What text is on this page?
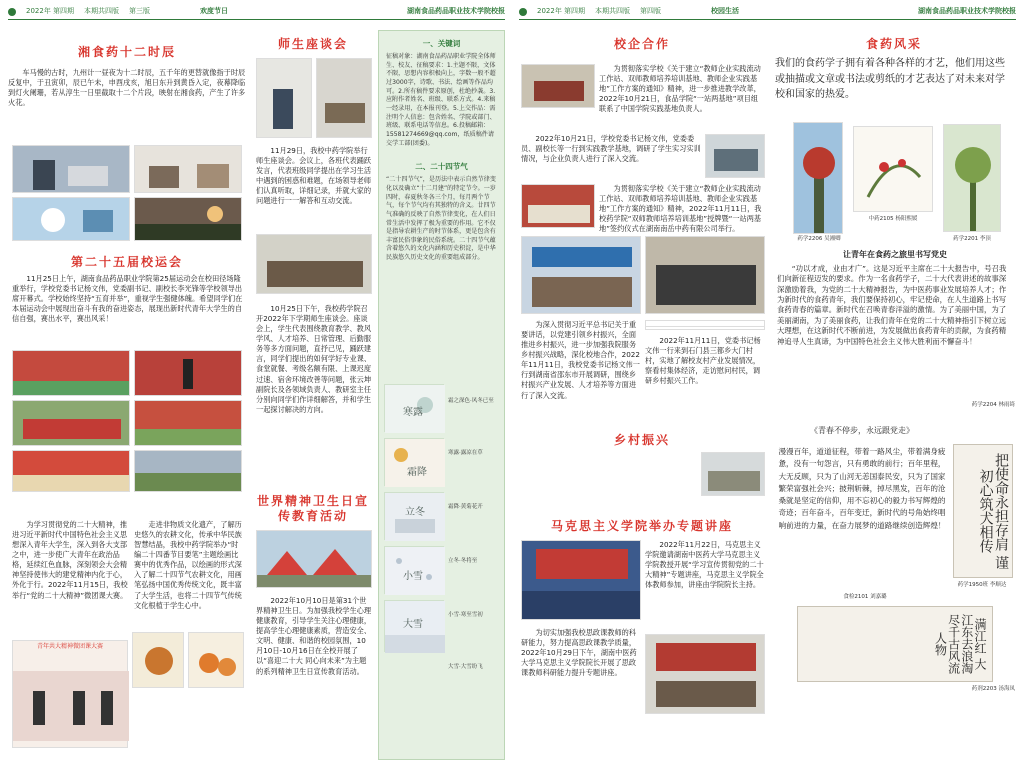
2022年 第四期 本期共四版 第三版	欢度节日	湖南食品药品职业技术学院校报
湘食药十二时辰
车马慢的古时，九州计一昼夜为十二时辰，五千年的更替就像指于时辰反复中，于丑寅卯，辰已午未，申酉戌亥，旭日东升到黄昏入定，夜幕降临到灯火阑珊，若从淳生一日里截取十二个片段，映射在湘食药，产生了许多火花。
第二十五届校运会
11月25日上午，湖南食品药品职业学院第25届运动会在校田径场隆重举行，学校党委书记杨文伟，党委副书记、副校长李光锋等学校领导出席开幕式。学校始终坚持“五育并举”，重视学生强健体魄。希望同学们在本届运动会中展现出奋斗有我的奋进姿态，展现出新时代青年大学生的自信自强，赛出水平，赛出风采！
为学习贯彻党的二十大精神，推进习近平新时代中国特色社会主义思想深入青年大学生，深入到各大支部之中，进一步使广大青年在政治品格，延续红色血脉，深刻领会大会精神坚持使伟大的建党精神内化于心，外化于行。2022年11月15日，我校举行“党的二十大精神”微团课大赛。
走进非物质文化遗产，了解历史悠久的农耕文化，传承中华民族智慧结晶，我校中药学院举办“时编二十四番节目要笔”主题绘画比赛中的优秀作品，以绘画的形式深入了解二十四节气农耕文化，用画笔弘扬中国优秀传统文化，既丰富了大学生活，也将二十四节气传统文化根植于学生心中。
青年共大精神微团课大赛
师生座谈会
11月29日，我校中药学院举行师生座谈会。会议上，各班代表踊跃发言，代表班级同学提出在学习生活中遇到的困惑和难题，在场领导老师们认真听取，详细记录，并就大家的问题进行一一解答和互动交流。
10月25日下午，我校药学院召开2022年下学期师生座谈会。座谈会上，学生代表围绕教育教学、教风学风、人才培养、日常管理、后勤服务等多方面问题，直抒己见，踊跃建言，同学们提出的如何学好专业课、食堂就餐、考级名额有限、上课迟度过速、宿舍环境改善等问题，张云坤副院长及各领域负责人、教研室主任分别向同学们作详细解答，并和学生一起探讨解决的方向。
世界精神卫生日宣传教育活动
2022年10月10日是第31个世界精神卫生日。为加强我校学生心理健康教育，引导学生关注心理健康，提高学生心理健康素质，营造安全、文明、健康、和谐的校园氛围，10月10日-10月16日在全校开展了以“喜迎二十大 同心向未来”为主题的系列精神卫生日宣传教育活动。
一、关键词
征稿对象：湖南食品药品职业学院全体师生、校友、征稿要求：1.主题不限，文体不限，思想内容积极向上，字数一般不超过3000字，诗歌、书法、绘画等作品均可。2.所有稿件要求原创，杜绝抄袭。3.应附作者姓名、班级、联系方式。4.来稿一经录用，在本报刊登。5.上交作品：需注明个人信息：包含姓名、学院或部门、班级、联系电话等信息。6.投稿邮箱：15581274669@qq.com，纸质稿件请交学工部(团委)。
二、二十四节气
“二十四节气”，是历法中表示自然节律变化以及确立“十二月建”的特定节令。一岁四时，春夏秋冬各三个月，每月两个节气，每个节气均有其独特的含义。廿四节气准确的反映了自然节律变化，在人们日常生活中发挥了极为重要的作用。它不仅是指导农耕生产的时节体系，更是包含有丰富民俗事象的民俗系统。二十四节气蕴含着悠久的文化内涵和历史积淀，是中华民族悠久历史文化的重要组成部分。
寒露
霜之深色·风冬已至
霜降
寒露·露凉在草
立冬	霜降·黄菊花开
小雪
立冬·冬将至
大雪
小雪·寒至雪初
大雪·大雪纷飞
2022年 第四期 本期共四版 第四版	校园生活	湖南食品药品职业技术学院校报
校企合作
为贯彻落实学校《关于建立“教师企业实践流动工作站、双师教师培养培训基地、教师企业实践基地”工作方案的通知》精神，进一步推进教学改革，2022年10月21日，食品学院“一站两基地”项目组联系了中国学院实践基地负责人。
2022年10月21日，学校党委书记杨文伟，党委委员、副校长等一行到实践教学基地，调研了学生实习实训情况，与企业负责人进行了深入交流。
为贯彻落实学校《关于建立“教师企业实践流动工作站、双师教师培养培训基地、教师企业实践基地”工作方案的通知》精神，2022年11月11日，我校药学院“双师教师培养培训基地”授牌暨“一站两基地”签约仪式在湖南南岳中药有限公司举行。
为深入贯彻习近平总书记关于重要讲话，以党建引领乡村振兴，全面推进乡村振兴，进一步加强我院服务乡村振兴战略，深化校地合作，2022年11月11日，我校党委书记杨文伟一行到湖南省邵东市开展调研，围绕乡村振兴产业发展、人才培养等方面进行了深入交流。
2022年11月11日，党委书记杨文伟一行来到石门县三都乡大门村村，实地了解校友村产业发展情况，察看村集体经济，走访慰问村民，调研乡村振兴工作。
乡村振兴
马克思主义学院举办专题讲座
2022年11月22日，马克思主义学院邀请湖南中医药大学马克思主义学院教授开展“学习宣传贯彻党的二十大精神”专题讲座，马克思主义学院全体教师参加，讲座由学院院长主持。
为切实加强我校思政课教师的科研能力，努力提高思政课教学质量，2022年10月29日下午，湖南中医药大学马克思主义学院院长开展了思政课教师科研能力提升专题讲座。
食药风采
我们的食药学子拥有着各种各样的才艺，他们用这些或抽描或文章或书法或剪纸的才艺表达了对未来对学校和国家的热爱。
药学2206 吴湘卿
中药2105 杨阳熙媛
药学2201 李顶
让青年在食药之旅里书写党史
“功以才成，业由才广”。这是习近平主席在二十大报告中，号召我们向新征程迈发的要求。作为一名食药学子，二十大代表讲述的故事深深激励着我，为党的二十大精神报告，为中医药事业发展培养人才；作为新时代的食药青年，我们要保持初心，牢记使命，在人生道路上书写食药青春的篇章。新时代在召唤青春洋溢的激情。为了美丽中国，为了美丽湖南，为了美丽食药，让我们青年在党的二十大精神指引下树立远大理想，在这新时代不断前进，为发展做出食药青年的贡献，为食药精神追寻人生真谛，为中国特色社会主义伟大胜利而不懈奋斗！
药学2204 林雨绮
《青春不停步，永远跟党走》
漫漫百年，道道征程，带着一路风尘，带着满身疲惫，没有一句怨言，只有勇敢的前行；百年里程，大无反顾，只为了山河无恙国泰民安，只为了国家繁荣富强社会兴；披荆斩棘，掉尽黑发，百年的沧桑就是坚定的信仰，用不忘初心的毅力书写辉煌的奇迹；百年奋斗，百年变迁，新时代的号角始终唱响前进的力量，在奋力展梦的道路继续创造辉煌！
食检2101 刘嘉璐
把使命永担存肩 谨初心筑犬相传
药学1950班 李顺达
满江红 大江东去浪淘尽千古风流人物
药剂2203 汤海凤
